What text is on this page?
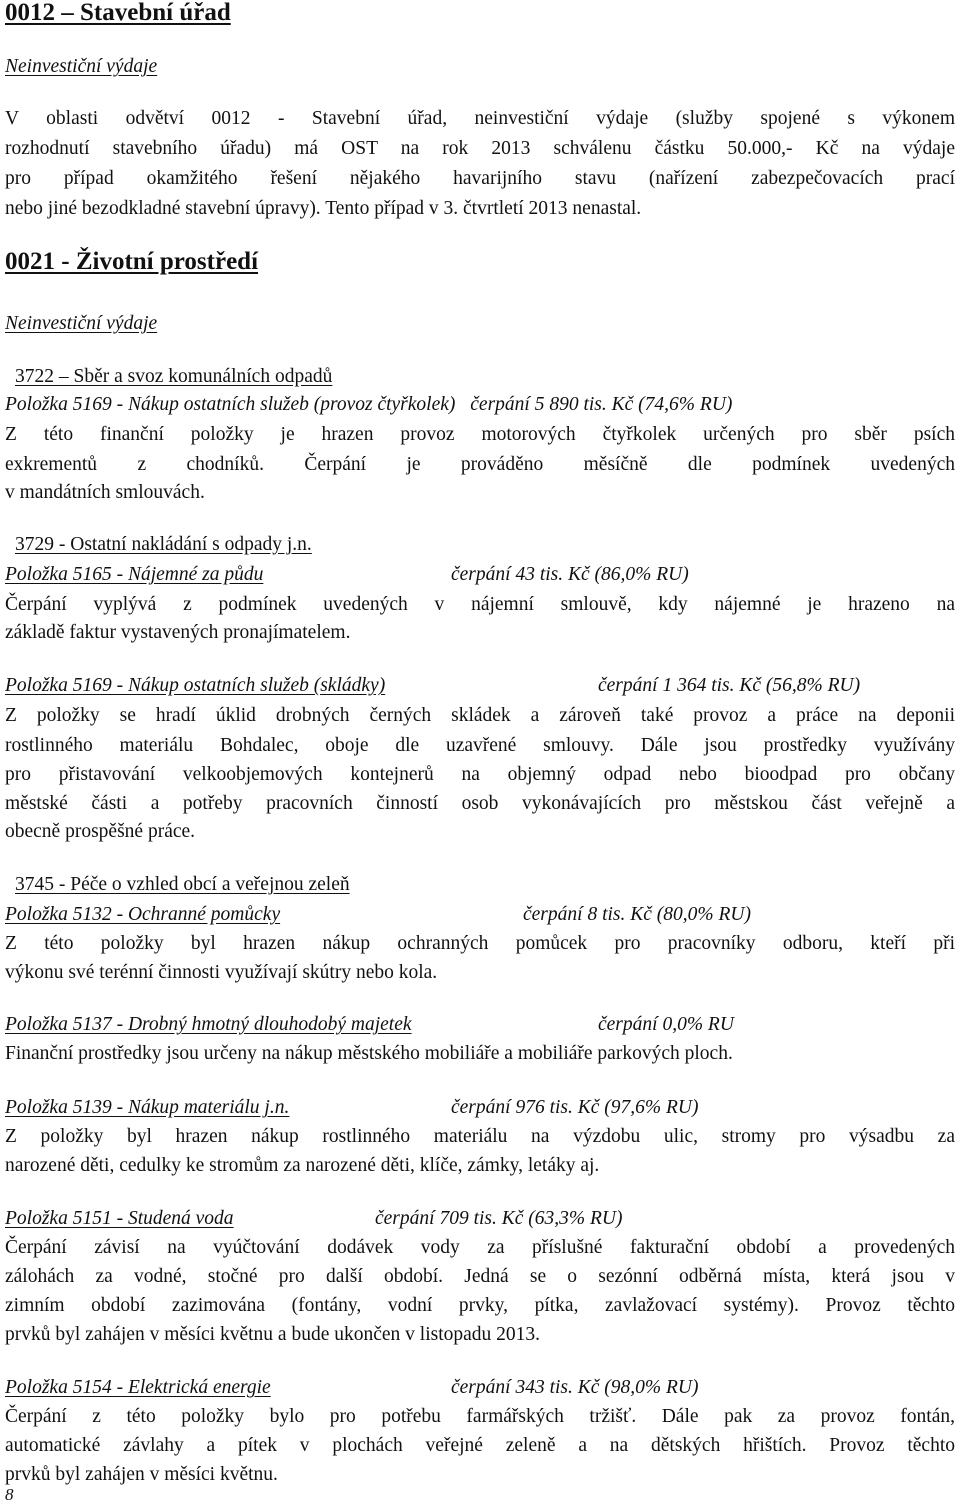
0012 – Stavební úřad
Neinvestiční výdaje
V oblasti odvětví 0012 - Stavební úřad, neinvestiční výdaje (služby spojené s výkonem
rozhodnutí stavebního úřadu) má OST na rok 2013 schválenu částku 50.000,- Kč na výdaje
pro případ okamžitého řešení nějakého havarijního stavu (nařízení zabezpečovacích prací
nebo jiné bezodkladné stavební úpravy). Tento případ v 3. čtvrtletí 2013 nenastal.
0021 - Životní prostředí
Neinvestiční výdaje
3722 – Sběr a svoz komunálních odpadů
Položka 5169 - Nákup ostatních služeb (provoz čtyřkolek) čerpání 5 890 tis. Kč (74,6% RU)
Z této finanční položky je hrazen provoz motorových čtyřkolek určených pro sběr psích
exkrementů z chodníků. Čerpání je prováděno měsíčně dle podmínek uvedených
v mandátních smlouvách.
3729 - Ostatní nakládání s odpady j.n.
Položka 5165 - Nájemné za půdu	čerpání 43 tis. Kč (86,0% RU)
Čerpání vyplývá z podmínek uvedených v nájemní smlouvě, kdy nájemné je hrazeno na
základě faktur vystavených pronajímatelem.
Položka 5169 - Nákup ostatních služeb (skládky)	čerpání 1 364 tis. Kč (56,8% RU)
Z položky se hradí úklid drobných černých skládek a zároveň také provoz a práce na deponii
rostlinného materiálu Bohdalec, oboje dle uzavřené smlouvy. Dále jsou prostředky využívány
pro přistavování velkoobjemových kontejnerů na objemný odpad nebo bioodpad pro občany
městské části a potřeby pracovních činností osob vykonávajících pro městskou část veřejně a
obecně prospěšné práce.
3745 - Péče o vzhled obcí a veřejnou zeleň
Položka 5132 - Ochranné pomůcky	čerpání 8 tis. Kč (80,0% RU)
Z této položky byl hrazen nákup ochranných pomůcek pro pracovníky odboru, kteří při
výkonu své terénní činnosti využívají skútry nebo kola.
Položka 5137 - Drobný hmotný dlouhodobý majetek	čerpání 0,0% RU
Finanční prostředky jsou určeny na nákup městského mobiliáře a mobiliáře parkových ploch.
Položka 5139 - Nákup materiálu j.n.	čerpání 976 tis. Kč (97,6% RU)
Z položky byl hrazen nákup rostlinného materiálu na výzdobu ulic, stromy pro výsadbu za
narozené děti, cedulky ke stromům za narozené děti, klíče, zámky, letáky aj.
Položka 5151 - Studená voda	čerpání 709 tis. Kč (63,3% RU)
Čerpání závisí na vyúčtování dodávek vody za příslušné fakturační období a provedených
zálohách za vodné, stočné pro další období. Jedná se o sezónní odběrná místa, která jsou v
zimním období zazimována (fontány, vodní prvky, pítka, zavlažovací systémy). Provoz těchto
prvků byl zahájen v měsíci květnu a bude ukončen v listopadu 2013.
Položka 5154 - Elektrická energie	čerpání 343 tis. Kč (98,0% RU)
Čerpání z této položky bylo pro potřebu farmářských tržišť. Dále pak za provoz fontán,
automatické závlahy a pítek v plochách veřejné zeleně a na dětských hřištích. Provoz těchto
prvků byl zahájen v měsíci květnu.
8
